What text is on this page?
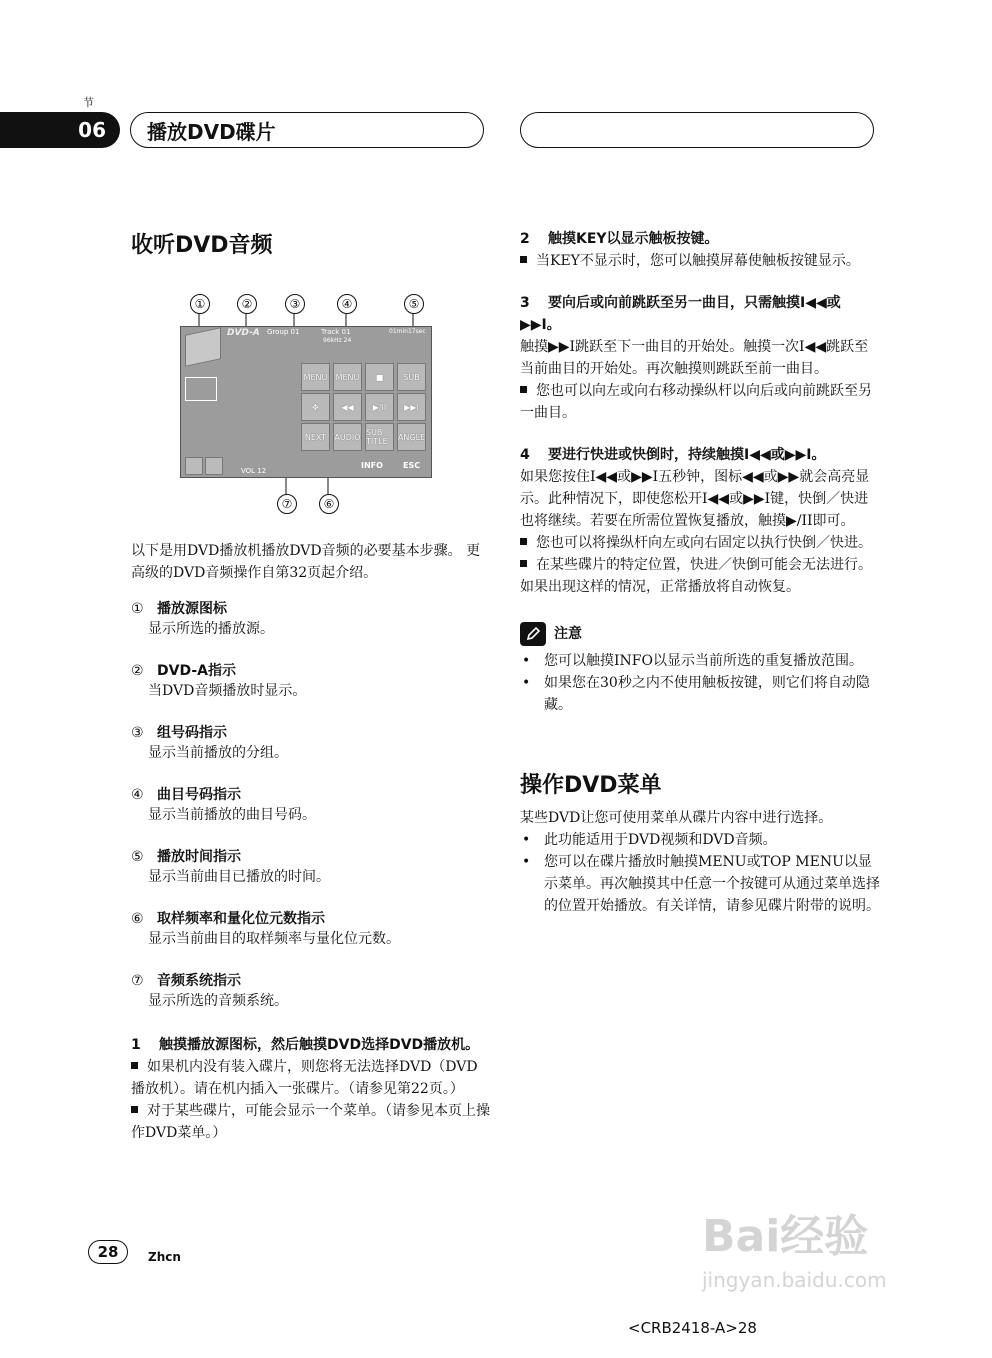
节
06	播放DVD碟片
收听DVD音频
①	②	③	④	⑤
DVD-A Group 01	Track 01	01min17sec
96kHz 24
MENU	MENU	■	SUB
✥	◀◀	▶/II	▶▶I
NEXT	AUDIO SUB TITLE	ANGLE
VOL 12
INFO	ESC
⑦	⑥

以下是用DVD播放机播放DVD音频的必要基本步骤。 更高级的DVD音频操作自第32页起介绍。

① 播放源图标
显示所选的播放源。
② DVD-A指示
当DVD音频播放时显示。
③ 组号码指示
显示当前播放的分组。
④ 曲目号码指示
显示当前播放的曲目号码。
⑤ 播放时间指示
显示当前曲目已播放的时间。
⑥ 取样频率和量化位元数指示
显示当前曲目的取样频率与量化位元数。
⑦ 音频系统指示
显示所选的音频系统。
1 触摸播放源图标，然后触摸DVD选择DVD播放机。
如果机内没有装入碟片，则您将无法选择DVD（DVD播放机）。请在机内插入一张碟片。（请参见第22页。）
对于某些碟片，可能会显示一个菜单。（请参见本页上操作DVD菜单。）
2 触摸KEY以显示触板按键。
当KEY不显示时，您可以触摸屏幕使触板按键显示。
3 要向后或向前跳跃至另一曲目，只需触摸I◀◀或▶▶I。

触摸▶▶I跳跃至下一曲目的开始处。触摸一次I◀◀跳跃至当前曲目的开始处。再次触摸则跳跃至前一曲目。

您也可以向左或向右移动操纵杆以向后或向前跳跃至另一曲目。
4 要进行快进或快倒时，持续触摸I◀◀或▶▶I。

如果您按住I◀◀或▶▶I五秒钟，图标◀◀或▶▶就会高亮显示。此种情况下，即使您松开I◀◀或▶▶I键，快倒／快进也将继续。若要在所需位置恢复播放，触摸▶/II即可。

您也可以将操纵杆向左或向右固定以执行快倒／快进。
在某些碟片的特定位置，快进／快倒可能会无法进行。如果出现这样的情况，正常播放将自动恢复。
注意
• 您可以触摸INFO以显示当前所选的重复播放范围。
• 如果您在30秒之内不使用触板按键，则它们将自动隐藏。
操作DVD菜单

某些DVD让您可使用菜单从碟片内容中进行选择。

• 此功能适用于DVD视频和DVD音频。
• 您可以在碟片播放时触摸MENU或TOP MENU以显示菜单。再次触摸其中任意一个按键可从通过菜单选择的位置开始播放。有关详情，请参见碟片附带的说明。
28	Zhcn
<CRB2418-A>28
Bai经验
jingyan.baidu.com
